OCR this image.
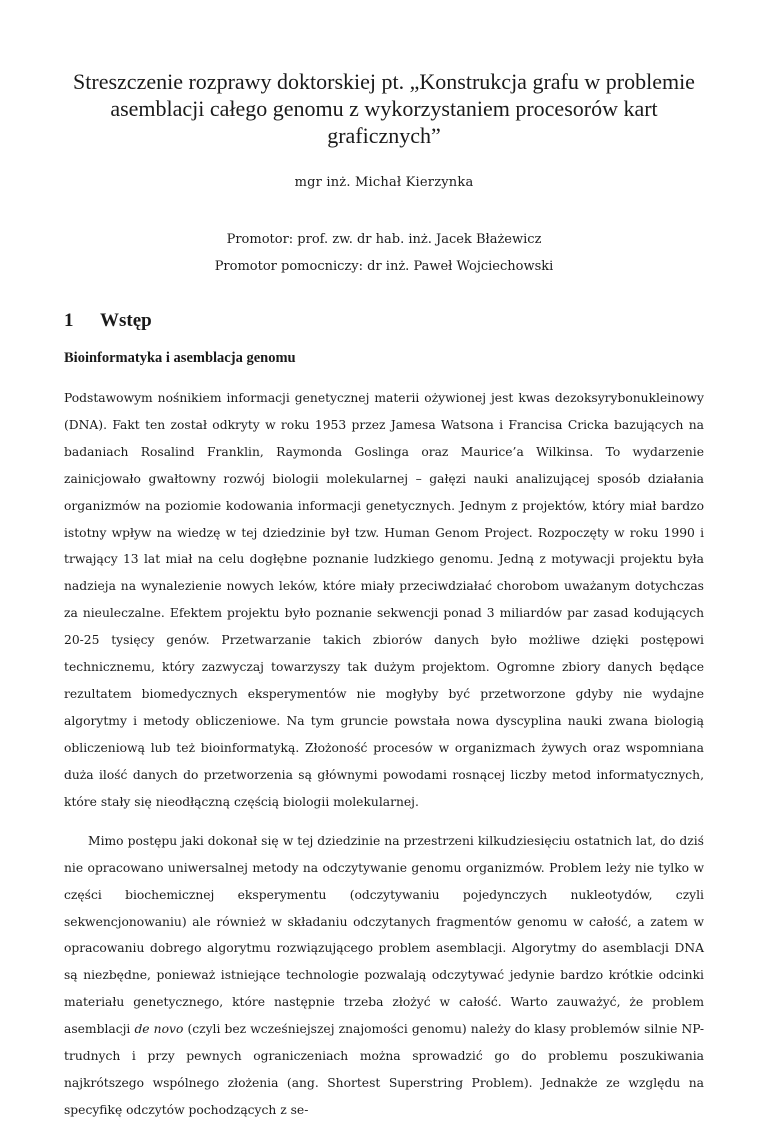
Streszczenie rozprawy doktorskiej pt. „Konstrukcja grafu w problemie asemblacji całego genomu z wykorzystaniem procesorów kart graficznych”
mgr inż. Michał Kierzynka
Promotor: prof. zw. dr hab. inż. Jacek Błażewicz
Promotor pomocniczy: dr inż. Paweł Wojciechowski
1	Wstęp
Bioinformatyka i asemblacja genomu

Podstawowym nośnikiem informacji genetycznej materii ożywionej jest kwas dezoksyrybonukleinowy (DNA). Fakt ten został odkryty w roku 1953 przez Jamesa Watsona i Francisa Cricka bazujących na badaniach Rosalind Franklin, Raymonda Goslinga oraz Maurice’a Wilkinsa. To wydarzenie zainicjowało gwałtowny rozwój biologii molekularnej – gałęzi nauki analizującej sposób działania organizmów na poziomie kodowania informacji genetycznych. Jednym z projektów, który miał bardzo istotny wpływ na wiedzę w tej dziedzinie był tzw. Human Genom Project. Rozpoczęty w roku 1990 i trwający 13 lat miał na celu dogłębne poznanie ludzkiego genomu. Jedną z motywacji projektu była nadzieja na wynalezienie nowych leków, które miały przeciwdziałać chorobom uważanym dotychczas za nieuleczalne. Efektem projektu było poznanie sekwencji ponad 3 miliardów par zasad kodujących 20-25 tysięcy genów. Przetwarzanie takich zbiorów danych było możliwe dzięki postępowi technicznemu, który zazwyczaj towarzyszy tak dużym projektom. Ogromne zbiory danych będące rezultatem biomedycznych eksperymentów nie mogłyby być przetworzone gdyby nie wydajne algorytmy i metody obliczeniowe. Na tym gruncie powstała nowa dyscyplina nauki zwana biologią obliczeniową lub też bioinformatyką. Złożoność procesów w organizmach żywych oraz wspomniana duża ilość danych do przetworzenia są głównymi powodami rosnącej liczby metod informatycznych, które stały się nieodłączną częścią biologii molekularnej.

Mimo postępu jaki dokonał się w tej dziedzinie na przestrzeni kilkudziesięciu ostatnich lat, do dziś nie opracowano uniwersalnej metody na odczytywanie genomu organizmów. Problem leży nie tylko w części biochemicznej eksperymentu (odczytywaniu pojedynczych nukleotydów, czyli sekwencjonowaniu) ale również w składaniu odczytanych fragmentów genomu w całość, a zatem w opracowaniu dobrego algorytmu rozwiązującego problem asemblacji. Algorytmy do asemblacji DNA są niezbędne, ponieważ istniejące technologie pozwalają odczytywać jedynie bardzo krótkie odcinki materiału genetycznego, które następnie trzeba złożyć w całość. Warto zauważyć, że problem asemblacji de novo (czyli bez wcześniejszej znajomości genomu) należy do klasy problemów silnie NP-trudnych i przy pewnych ograniczeniach można sprowadzić go do problemu poszukiwania najkrótszego wspólnego złożenia (ang. Shortest Superstring Problem). Jednakże ze względu na specyfikę odczytów pochodzących z se-
